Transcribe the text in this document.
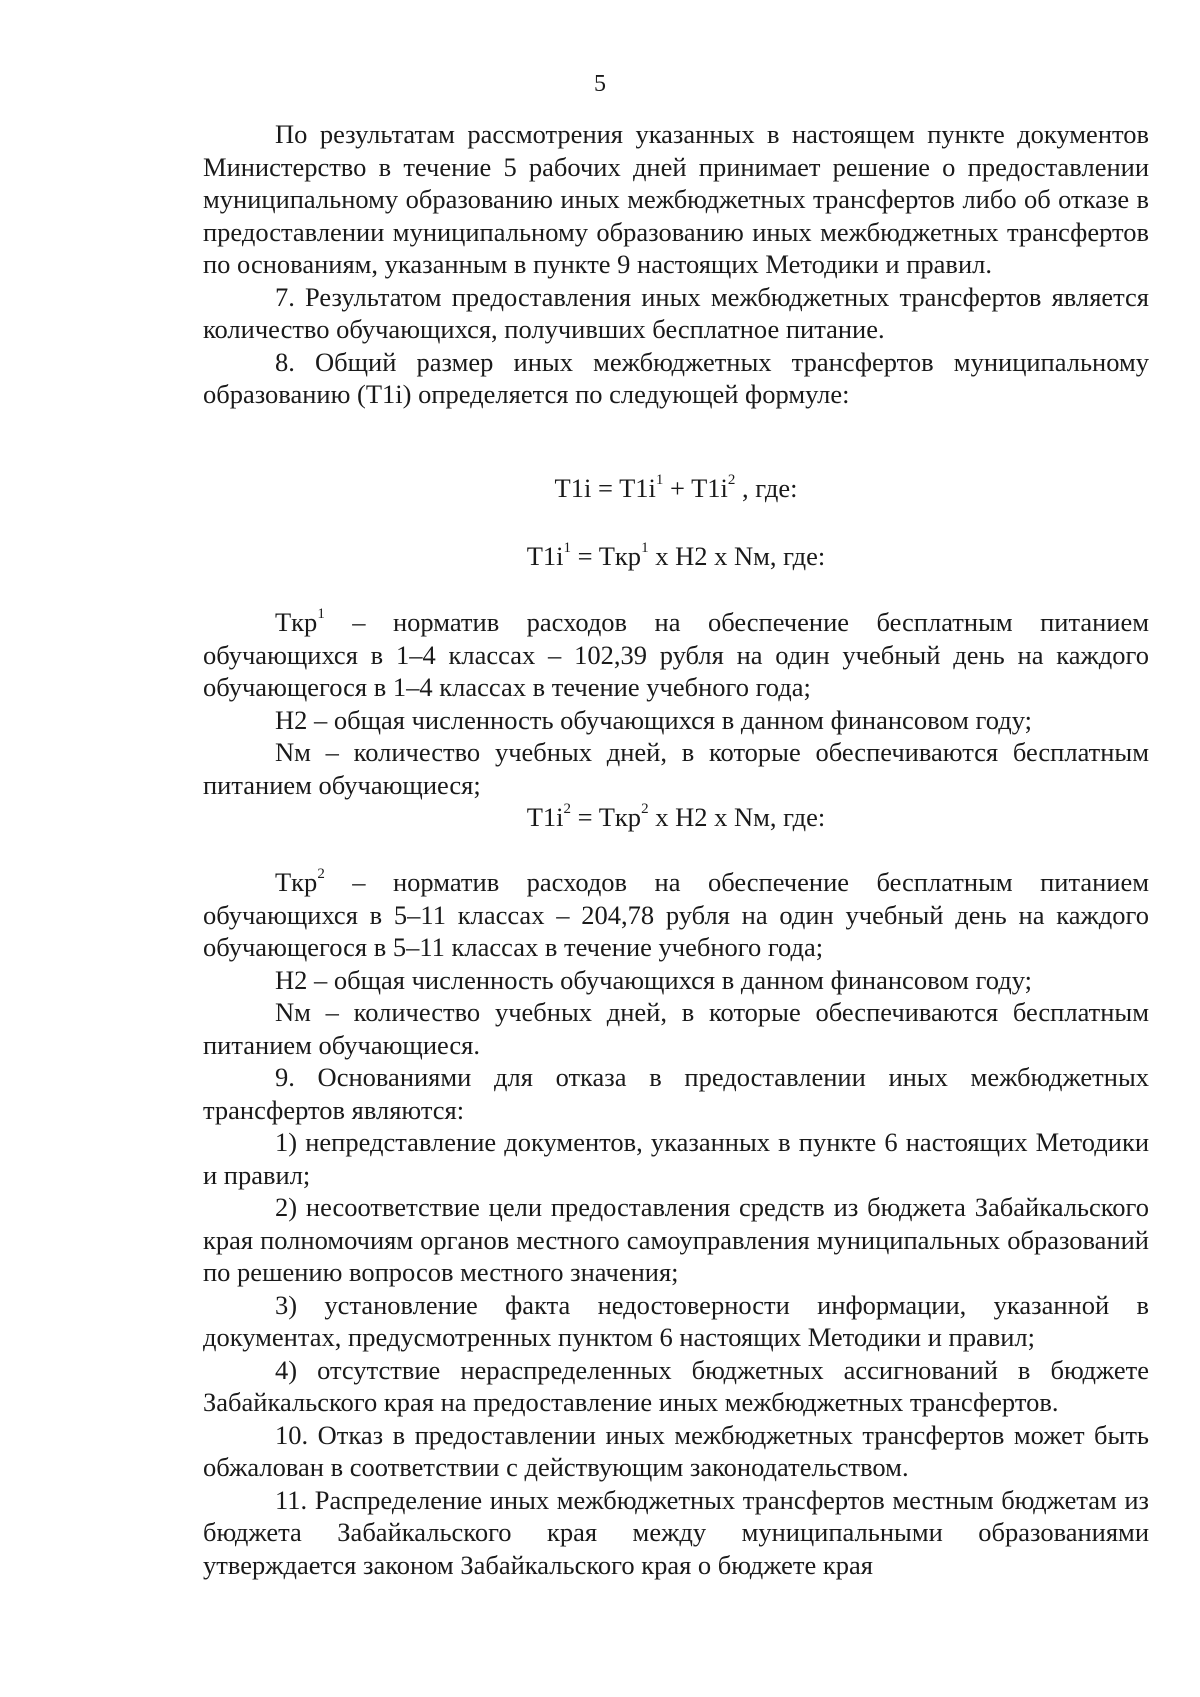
5

По результатам рассмотрения указанных в настоящем пункте документов Министерство в течение 5 рабочих дней принимает решение о предоставлении муниципальному образованию иных межбюджетных трансфертов либо об отказе в предоставлении муниципальному образованию иных межбюджетных трансфертов по основаниям, указанным в пункте 9 настоящих Методики и правил.

7. Результатом предоставления иных межбюджетных трансфертов является количество обучающихся, получивших бесплатное питание.

8. Общий размер иных межбюджетных трансфертов муниципальному образованию (T1i) определяется по следующей формуле:

$T1i = T1i^1 + T1i^2$ , где:

$T1i^1 = Tкр^1$ x H2 x Nм, где:

Tкр$^1$ – норматив расходов на обеспечение бесплатным питанием обучающихся в 1–4 классах – 102,39 рубля на один учебный день на каждого обучающегося в 1–4 классах в течение учебного года;

H2 – общая численность обучающихся в данном финансовом году;

Nм – количество учебных дней, в которые обеспечиваются бесплатным питанием обучающиеся;

$T1i^2 = Tкр^2$ x H2 x Nм, где:

Tкр$^2$ – норматив расходов на обеспечение бесплатным питанием обучающихся в 5–11 классах – 204,78 рубля на один учебный день на каждого обучающегося в 5–11 классах в течение учебного года;

H2 – общая численность обучающихся в данном финансовом году;

Nм – количество учебных дней, в которые обеспечиваются бесплатным питанием обучающиеся.

9. Основаниями для отказа в предоставлении иных межбюджетных трансфертов являются:

1) непредставление документов, указанных в пункте 6 настоящих Методики и правил;

2) несоответствие цели предоставления средств из бюджета Забайкальского края полномочиям органов местного самоуправления муниципальных образований по решению вопросов местного значения;

3) установление факта недостоверности информации, указанной в документах, предусмотренных пунктом 6 настоящих Методики и правил;

4) отсутствие нераспределенных бюджетных ассигнований в бюджете Забайкальского края на предоставление иных межбюджетных трансфертов.

10. Отказ в предоставлении иных межбюджетных трансфертов может быть обжалован в соответствии с действующим законодательством.

11. Распределение иных межбюджетных трансфертов местным бюджетам из бюджета Забайкальского края между муниципальными образованиями утверждается законом Забайкальского края о бюджете края
